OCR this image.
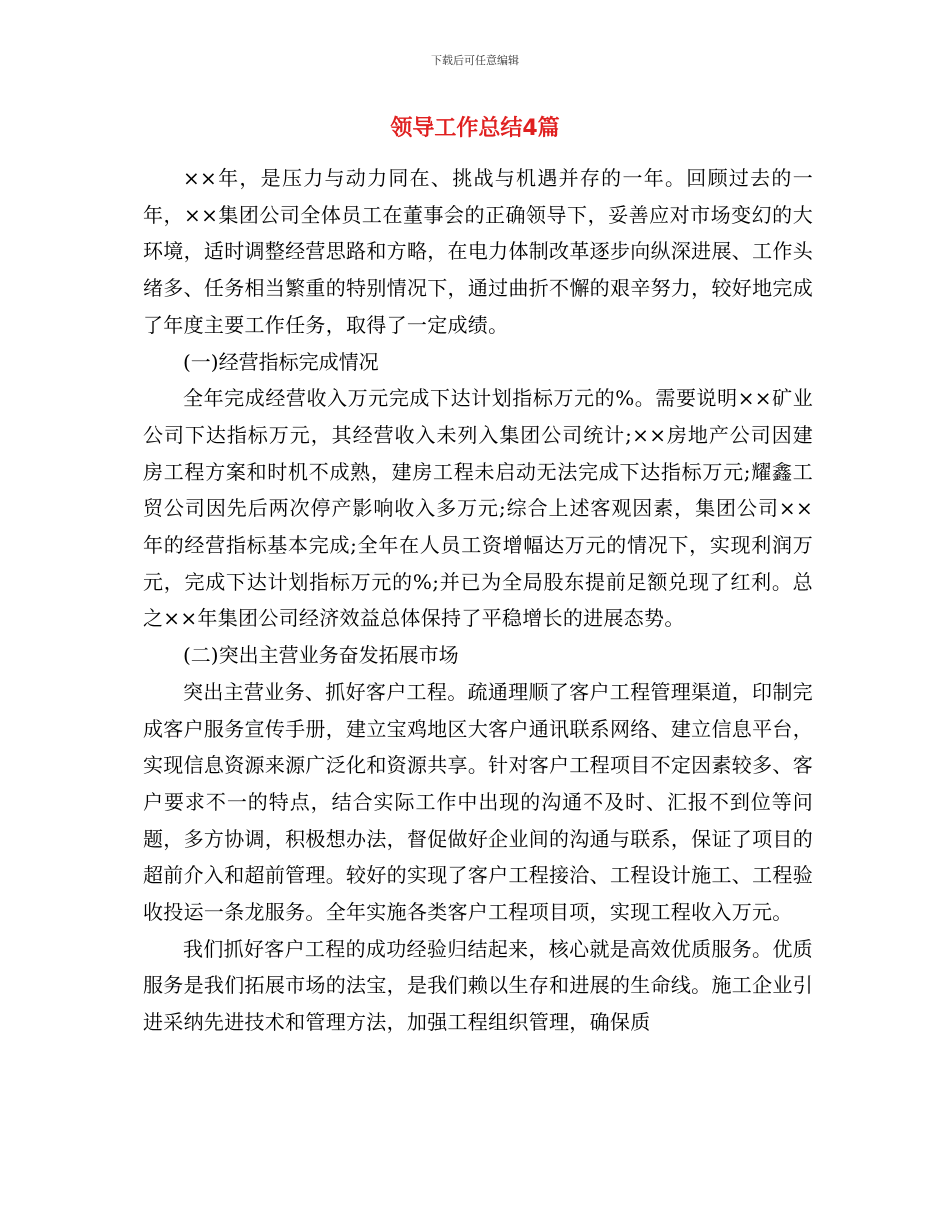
下载后可任意编辑
领导工作总结4篇

××年，是压力与动力同在、挑战与机遇并存的一年。回顾过去的一年，××集团公司全体员工在董事会的正确领导下，妥善应对市场变幻的大环境，适时调整经营思路和方略，在电力体制改革逐步向纵深进展、工作头绪多、任务相当繁重的特别情况下，通过曲折不懈的艰辛努力，较好地完成了年度主要工作任务，取得了一定成绩。

(一)经营指标完成情况

全年完成经营收入万元完成下达计划指标万元的%。需要说明××矿业公司下达指标万元，其经营收入未列入集团公司统计;××房地产公司因建房工程方案和时机不成熟，建房工程未启动无法完成下达指标万元;耀鑫工贸公司因先后两次停产影响收入多万元;综合上述客观因素，集团公司××年的经营指标基本完成;全年在人员工资增幅达万元的情况下，实现利润万元，完成下达计划指标万元的%;并已为全局股东提前足额兑现了红利。总之××年集团公司经济效益总体保持了平稳增长的进展态势。

(二)突出主营业务奋发拓展市场

突出主营业务、抓好客户工程。疏通理顺了客户工程管理渠道，印制完成客户服务宣传手册，建立宝鸡地区大客户通讯联系网络、建立信息平台，实现信息资源来源广泛化和资源共享。针对客户工程项目不定因素较多、客户要求不一的特点，结合实际工作中出现的沟通不及时、汇报不到位等问题，多方协调，积极想办法，督促做好企业间的沟通与联系，保证了项目的超前介入和超前管理。较好的实现了客户工程接洽、工程设计施工、工程验收投运一条龙服务。全年实施各类客户工程项目项，实现工程收入万元。

我们抓好客户工程的成功经验归结起来，核心就是高效优质服务。优质服务是我们拓展市场的法宝，是我们赖以生存和进展的生命线。施工企业引进采纳先进技术和管理方法，加强工程组织管理，确保质
